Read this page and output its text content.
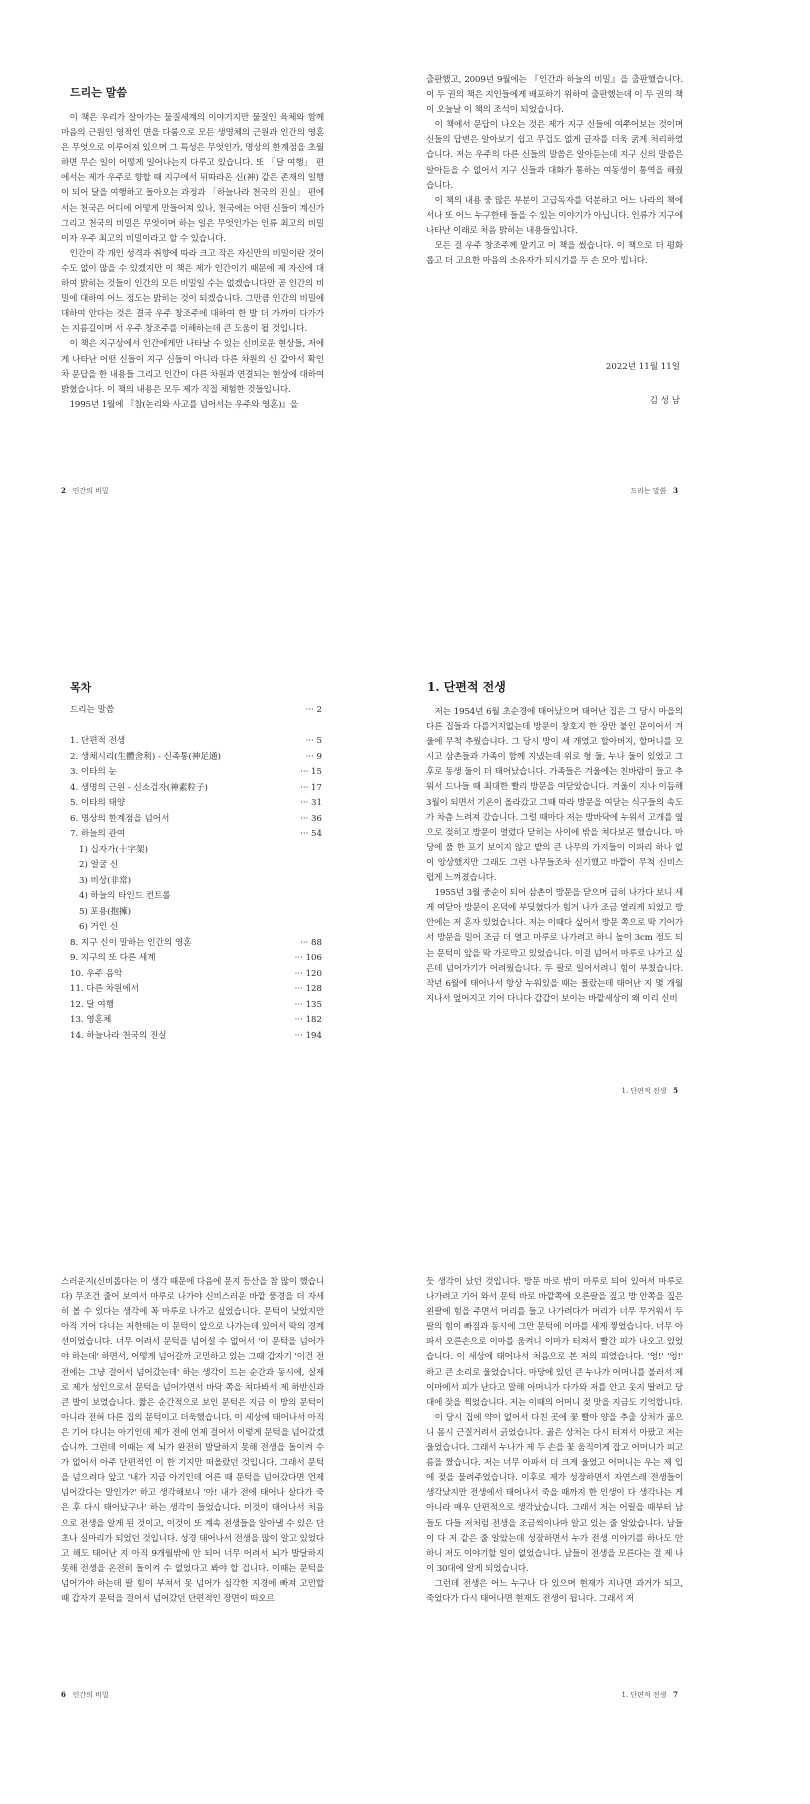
드리는 말씀

이 책은 우리가 살아가는 물질세계의 이야기지만 물질인 육체와 함께 마음의 근원인 영적인 면을 다룸으로 모든 생명체의 근원과 인간의 영혼은 무엇으로 이루어져 있으며 그 특성은 무엇인가, 명상의 한계점을 초월하면 무슨 일이 어떻게 일어나는지 다루고 있습니다. 또 「달 여행」 편에서는 제가 우주로 향할 때 지구에서 뒤따라온 신(神) 같은 존재의 일행이 되어 달을 여행하고 돌아오는 과정과 「하늘나라 천국의 진실」 편에서는 천국은 어디에 어떻게 만들어져 있나, 천국에는 어떤 신들이 계신가 그리고 천국의 비밀은 무엇이며 하는 일은 무엇인가는 인류 최고의 비밀이자 우주 최고의 비밀이라고 할 수 있습니다.

인간이 각 개인 성격과 취향에 따라 크고 작은 자신만의 비밀이란 것이 수도 없이 많을 수 있겠지만 이 책은 제가 인간이기 때문에 제 자신에 대하여 밝히는 것들이 인간의 모든 비밀일 수는 없겠습니다만 곧 인간의 비밀에 대하여 어느 정도는 밝히는 것이 되겠습니다. 그만큼 인간의 비밀에 대하여 안다는 것은 결국 우주 창조주에 대하여 한 발 더 가까이 다가가는 지름길이며 서 우주 창조주를 이해하는데 큰 도움이 될 것입니다.

이 책은 지구상에서 인간에게만 나타날 수 있는 신비로운 현상들, 저에게 나타난 어떤 신들이 지구 신들이 아니라 다른 차원의 신 같아서 확인 차 문답을 한 내용들 그리고 인간이 다른 차원과 연결되는 현상에 대하여 밝혔습니다. 이 책의 내용은 모두 제가 직접 체험한 것들입니다.

1995년 1월에 『참(논리와 사고를 넘어서는 우주와 영혼)』을

2 인간의 비밀

출판했고, 2009년 9월에는 『인간과 하늘의 비밀』을 출판했습니다. 이 두 권의 책은 지인들에게 배포하기 위하여 출판했는데 이 두 권의 책이 오늘날 이 책의 조석이 되었습니다.

이 책에서 문답이 나오는 것은 제가 지구 신들에 여쭈어보는 것이며 신들의 답변은 알아보기 쉽고 무겁도 없게 글자를 더욱 굵게 처리하였습니다. 저는 우주의 다른 신들의 말씀은 알아듣는데 지구 신의 말씀은 알아듣을 수 없어서 지구 신들과 대화가 통하는 여동생이 통역을 해줬습니다.

이 책의 내용 중 많은 부분이 고급독자를 덕분하고 어느 나라의 책에서나 또 어느 누구한테 들을 수 있는 이야기가 아닙니다. 인류가 지구에 나타난 이래로 처음 밝히는 내용들입니다.

모든 걸 우주 창조주께 맡기고 이 책을 썼습니다. 이 책으로 더 평화롭고 더 고요한 마음의 소유자가 되시기를 두 손 모아 빕니다.

2022년 11월 11일
김 성 남
드리는 말씀 3
목차
드리는 말씀	··· 2
1. 단편적 전생	··· 5
2. 생체시리(生體舍利) - 신족통(神足通)	··· 9
3. 이타의 눈	··· 15
4. 생명의 근원 - 신소검자(神素粒子)	··· 17
5. 이타의 태양	··· 31
6. 명상의 한계점을 넘어서	··· 36
7. 하늘의 관여	··· 54
1) 십자가(十字架)
2) 얼굴 신
3) 비상(非常)
4) 하늘의 타인드 컨트롤
5) 포용(抱擁)
6) 거인 신
8. 지구 신이 말하는 인간의 영혼	··· 88
9. 지구의 또 다른 세계	··· 106
10. 우주 음악	··· 120
11. 다른 차원에서	··· 128
12. 달 여행	··· 135
13. 영혼체	··· 182
14. 하늘나라 천국의 진실	··· 194
1. 단편적 전생

저는 1954년 6월 초순경에 태어났으며 태어난 집은 그 당시 마을의 다른 집들과 다를거지없는데 방문이 창호지 한 장만 붙인 문이어서 겨울에 무척 추웠습니다. 그 당시 방이 세 개였고 할아버지, 할머니를 모시고 삼촌들과 가족이 함께 지냈는데 위로 형 둘, 누나 둘이 있었고 그 후로 동생 둘이 더 태어났습니다. 가족들은 겨울에는 친바람이 들고 추워서 드나들 때 최대한 빨리 방문을 여닫았습니다. 겨울이 지나 이듬해 3월이 되면서 기온이 올라갔고 그때 따라 방문을 여닫는 식구들의 속도가 차츰 느려져 갔습니다. 그럴 때마다 저는 방바닥에 누워서 고개를 옆으로 젖히고 방문이 열렸다 닫히는 사이에 밖을 쳐다보곤 했습니다. 마당에 풀 한 포기 보이지 않고 밭의 큰 나무의 가지들이 이파리 하나 없이 앙상했지만 그래도 그런 나무들조차 신기했고 바깥이 무척 신비스럽게 느껴졌습니다.

1955년 3월 중순이 되어 삼촌이 방문을 닫으며 급히 나가다 보니 세게 여닫아 방문이 온덕에 부딪혔다가 힘거 나가 조금 열리게 되었고 방 안에는 저 혼자 있었습니다. 저는 이때다 싶어서 방문 쪽으로 딱 기어가서 방문을 밀어 조금 더 열고 마루로 나가려고 하니 높이 3cm 정도 되는 문턱이 앞을 딱 가로막고 있었습니다. 이걸 넘어서 마루로 나가고 싶은데 넘어가기가 어려웠습니다. 두 팔로 일어서려니 힘이 부쳤습니다. 작년 6월에 태어나서 항상 누워있을 때는 몰랐는데 태어난 지 몇 개월 지나서 엎어지고 기어 다니다 갑갑이 보이는 바깥세상이 왜 이리 신비

1. 단편적 전생 5

스러운지(신비롭다는 이 생각 때문에 다음에 문지 등산을 참 많이 했습니다) 무조건 줄어 보여서 마루로 나가야 신비스러운 바깥 풍경을 더 자세히 볼 수 있다는 생각에 꼭 마루로 나가고 싶었습니다. 문턱이 낮았지만 아직 기어 다니는 저한테는 이 문턱이 앞으로 나가는데 있어서 딱의 경계선이었습니다. 너무 어려서 문턱을 넘어설 수 없어서 '이 문턱을 넘어가야 하는데' 하면서, 어떻게 넘어갈까 고민하고 있는 그때 갑자기 '이건 전 전에는 그냥 걸어서 넘어갔는데' 하는 생각이 드는 순간과 동시에, 실제로 제가 성인으로서 문턱을 넘어가면서 바닥 쪽을 쳐다봐서 제 하반신과 큰 발이 보였습니다. 짧은 순간적으로 보인 문턱은 지금 이 방의 문턱이 아니라 전혀 다른 집의 문턱이고 더욱했습니다. 이 세상에 태어나서 아직은 기어 다니는 아기인데 제가 전에 언제 걸어서 이렇게 문턱을 넘어갔겠습니까. 그런데 이때는 제 뇌가 완전히 발달하지 못해 전생을 돌이켜 수가 없어서 아주 단편적인 이 한 기지만 떠올랐던 것입니다. 그래서 문턱을 넘으려다 앞고 '내가 지금 아기인데 어른 때 문턱을 넘어갔다면 언제 넘어갔다는 말인가?' 하고 생각해보니 '아! 내가 전에 태어나 살다가 죽은 후 다시 태어났구나' 하는 생각이 들었습니다. 이것이 태어나서 처음으로 전생을 알게 된 것이고, 이것이 또 계속 전생들을 알아낼 수 있은 단초나 실마리가 되었던 것입니다. 성경 태어나서 전생을 많이 알고 있었다고 해도 태어난 지 아직 9개월밖에 안 되어 너무 어려서 뇌가 발달하지 못해 전생을 온전히 돌이켜 수 없었다고 봐야 할 겁니다. 이때는 문턱을 넘어가야 하는데 팔 힘이 부쳐서 못 넘어가 심각한 지경에 빠져 고민할 때 갑자기 문턱을 걸어서 넘어갔던 단편적인 장면이 떠오르

6 인간의 비밀

듯 생각이 났던 것입니다. 방문 바로 밖이 마루로 되어 있어서 마루로 나가려고 기어 와서 문턱 바로 바깥쪽에 오른팔을 짚고 방 안쪽을 짚은 왼팔에 힘을 주면서 머리를 들고 나가려다가 머리가 너무 무거워서 두 팔의 힘이 빠짐과 동시에 그만 문턱에 이마를 세게 찧었습니다. 너무 아파서 오른손으로 이마를 움켜니 이마가 터져서 빨간 피가 나오고 있었습니다. 이 세상에 태어나서 처음으로 본 저의 피였습니다. '엉!' '엉!' 하고 큰 소리로 울었습니다. 마당에 있던 큰 누나가 어머니를 불러서 제 이마에서 피가 난다고 말해 어머니가 다가와 저를 안고 옷지 딸려고 당대에 잦을 찍었습니다. 저는 이때의 어머니 젖 맛을 지금도 기억합니다.

이 당시 집에 약이 없어서 다친 곳에 꽃 빨아 양을 추출 상처가 곪으니 몸시 근질거려서 긁었습니다. 곪은 상처는 다시 터져서 아팠고 저는 울었습니다. 그래서 누나가 제 두 손을 꽃 움직이게 잡고 어머니가 피고름을 짰습니다. 저는 너무 아파서 더 크게 울었고 어머니는 우는 제 입에 젖을 물려주었습니다. 이후로 제가 성장하면서 자연스레 전생들이 생각났지만 전생에서 태어나서 죽을 때까지 한 인생이 다 생각나는 게 아니라 매우 단편적으로 생각났습니다. 그래서 저는 어릴을 때부터 남들도 다들 저처럼 전생을 조금씩이나마 알고 있는 줄 알았습니다. 남들이 다 저 같은 줄 알았는데 성장하면서 누가 전생 이야기를 하나도 안 하니 저도 이야기할 일이 없었습니다. 남들이 전생을 모른다는 걸 제 나이 30대에 알게 되었습니다.

그런데 전생은 어느 누구나 다 있으며 현재가 지나면 과거가 되고, 죽었다가 다시 태어나면 현재도 전생이 됩니다. 그래서 저

1. 단편적 전생 7
